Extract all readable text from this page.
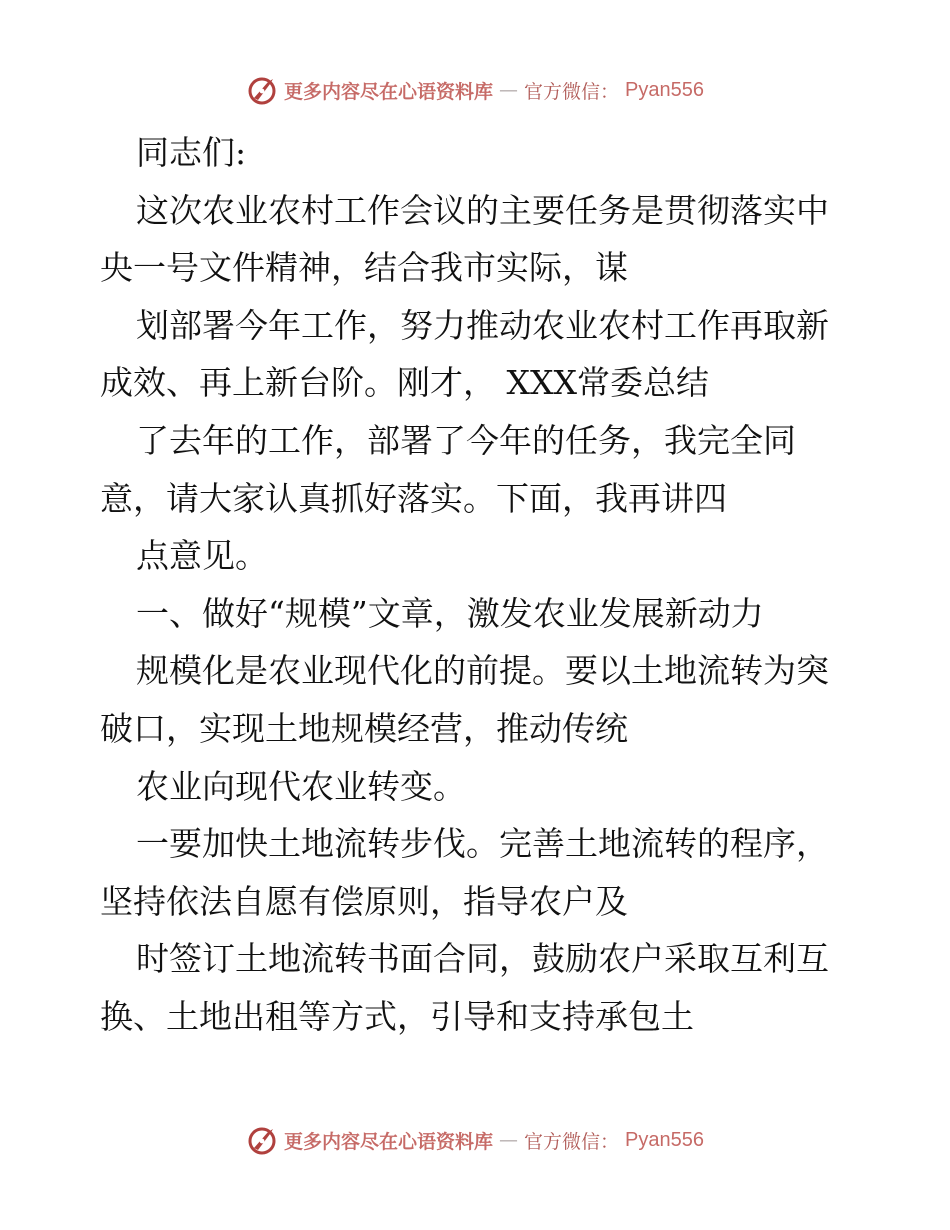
更多内容尽在心语资料库 — 官方微信： Pyan556
同志们:
这次农业农村工作会议的主要任务是贯彻落实中
央一号文件精神，结合我市实际，谋
划部署今年工作，努力推动农业农村工作再取新
成效、再上新台阶。刚才， XXX常委总结
了去年的工作，部署了今年的任务，我完全同
意，请大家认真抓好落实。下面，我再讲四
点意见。
一、做好“规模”文章，激发农业发展新动力
规模化是农业现代化的前提。要以土地流转为突
破口，实现土地规模经营，推动传统
农业向现代农业转变。
一要加快土地流转步伐。完善土地流转的程序，
坚持依法自愿有偿原则，指导农户及
时签订土地流转书面合同，鼓励农户采取互利互
换、土地出租等方式，引导和支持承包土
更多内容尽在心语资料库 — 官方微信： Pyan556
